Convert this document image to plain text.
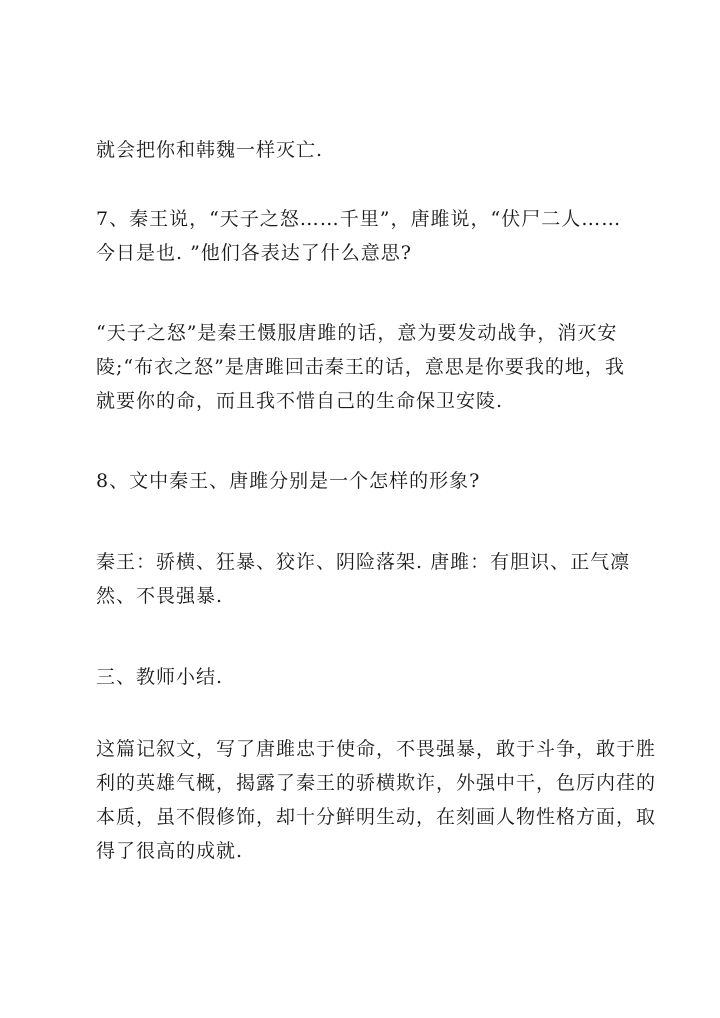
就会把你和韩魏一样灭亡.

7、秦王说，“天子之怒……千里”，唐雎说，“伏尸二人……
今日是也. ”他们各表达了什么意思?

“天子之怒”是秦王慑服唐雎的话，意为要发动战争，消灭安
陵;“布衣之怒”是唐雎回击秦王的话，意思是你要我的地，我
就要你的命，而且我不惜自己的生命保卫安陵.

8、文中秦王、唐雎分别是一个怎样的形象?

秦王：骄横、狂暴、狡诈、阴险落架. 唐雎：有胆识、正气凛
然、不畏强暴.

三、教师小结.

这篇记叙文，写了唐雎忠于使命，不畏强暴，敢于斗争，敢于胜
利的英雄气概，揭露了秦王的骄横欺诈，外强中干，色厉内荏的
本质，虽不假修饰，却十分鲜明生动，在刻画人物性格方面，取
得了很高的成就.
